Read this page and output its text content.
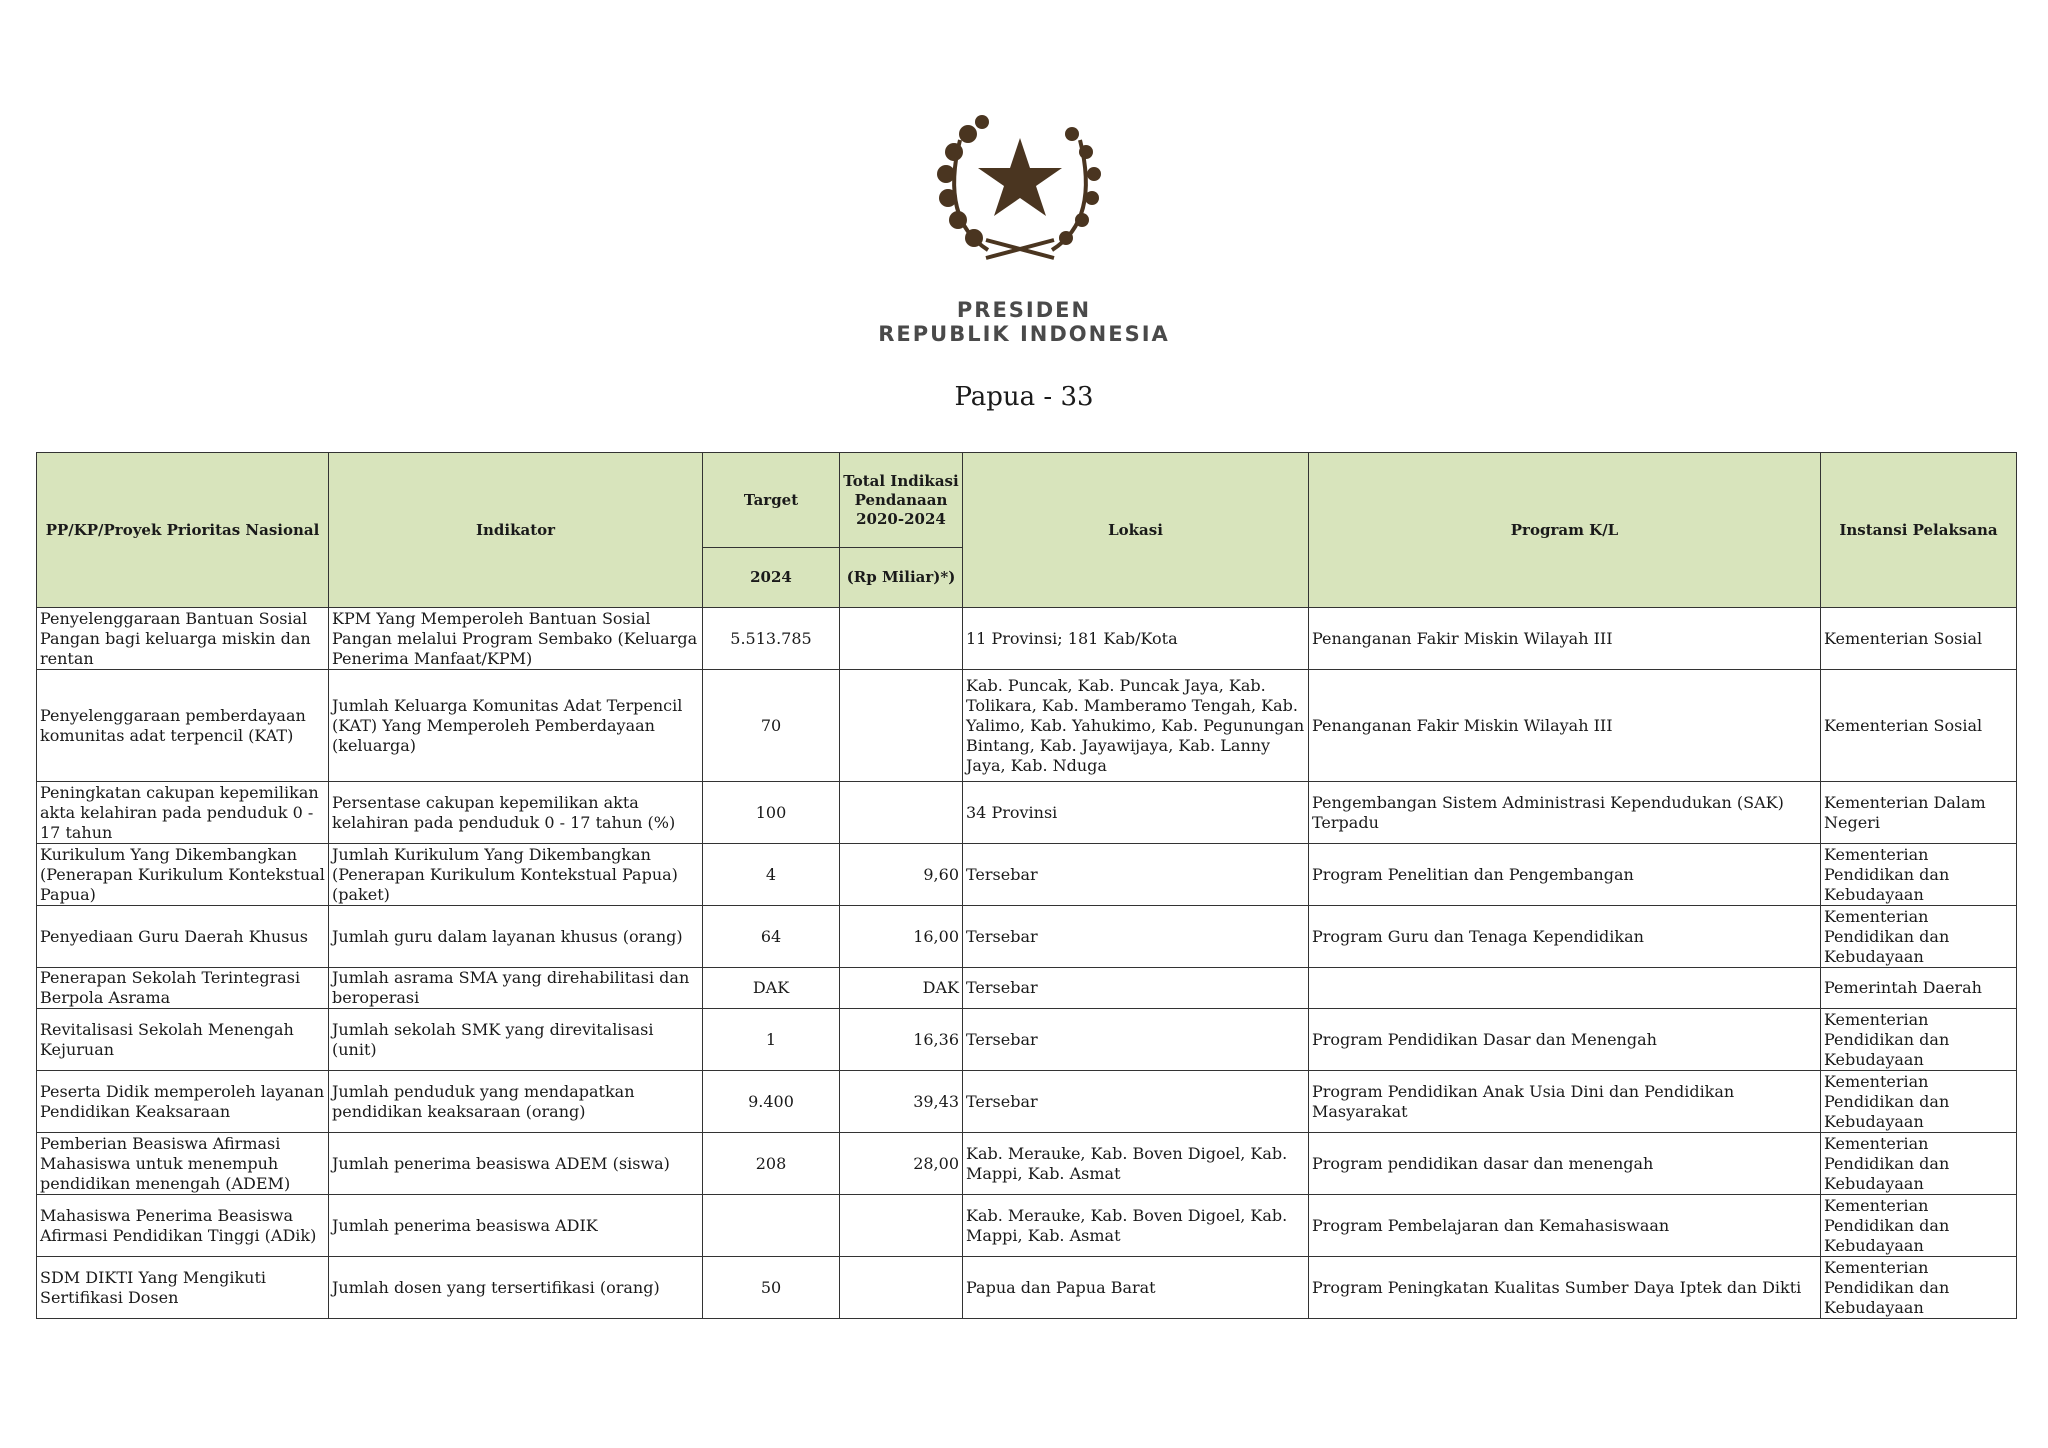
PRESIDEN
REPUBLIK INDONESIA
Papua - 33
PP/KP/Proyek Prioritas Nasional	Indikator	Target	Total Indikasi Pendanaan 2020-2024	Lokasi	Program K/L	Instansi Pelaksana
		2024	(Rp Miliar)*)			
Penyelenggaraan Bantuan Sosial Pangan bagi keluarga miskin dan rentan	KPM Yang Memperoleh Bantuan Sosial Pangan melalui Program Sembako (Keluarga Penerima Manfaat/KPM)	5.513.785		11 Provinsi; 181 Kab/Kota	Penanganan Fakir Miskin Wilayah III	Kementerian Sosial
Penyelenggaraan pemberdayaan komunitas adat terpencil (KAT)	Jumlah Keluarga Komunitas Adat Terpencil (KAT) Yang Memperoleh Pemberdayaan (keluarga)	70		Kab. Puncak, Kab. Puncak Jaya, Kab. Tolikara, Kab. Mamberamo Tengah, Kab. Yalimo, Kab. Yahukimo, Kab. Pegunungan Bintang, Kab. Jayawijaya, Kab. Lanny Jaya, Kab. Nduga	Penanganan Fakir Miskin Wilayah III	Kementerian Sosial
Peningkatan cakupan kepemilikan akta kelahiran pada penduduk 0 - 17 tahun	Persentase cakupan kepemilikan akta kelahiran pada penduduk 0 - 17 tahun (%)	100		34 Provinsi	Pengembangan Sistem Administrasi Kependudukan (SAK) Terpadu	Kementerian Dalam Negeri
Kurikulum Yang Dikembangkan (Penerapan Kurikulum Kontekstual Papua)	Jumlah Kurikulum Yang Dikembangkan (Penerapan Kurikulum Kontekstual Papua) (paket)	4	9,60	Tersebar	Program Penelitian dan Pengembangan	Kementerian Pendidikan dan Kebudayaan
Penyediaan Guru Daerah Khusus	Jumlah guru dalam layanan khusus (orang)	64	16,00	Tersebar	Program Guru dan Tenaga Kependidikan	Kementerian Pendidikan dan Kebudayaan
Penerapan Sekolah Terintegrasi Berpola Asrama	Jumlah asrama SMA yang direhabilitasi dan beroperasi	DAK	DAK	Tersebar		Pemerintah Daerah
Revitalisasi Sekolah Menengah Kejuruan	Jumlah sekolah SMK yang direvitalisasi (unit)	1	16,36	Tersebar	Program Pendidikan Dasar dan Menengah	Kementerian Pendidikan dan Kebudayaan
Peserta Didik memperoleh layanan Pendidikan Keaksaraan	Jumlah penduduk yang mendapatkan pendidikan keaksaraan (orang)	9.400	39,43	Tersebar	Program Pendidikan Anak Usia Dini dan Pendidikan Masyarakat	Kementerian Pendidikan dan Kebudayaan
Pemberian Beasiswa Afirmasi Mahasiswa untuk menempuh pendidikan menengah (ADEM)	Jumlah penerima beasiswa ADEM (siswa)	208	28,00	Kab. Merauke, Kab. Boven Digoel, Kab. Mappi, Kab. Asmat	Program pendidikan dasar dan menengah	Kementerian Pendidikan dan Kebudayaan
Mahasiswa Penerima Beasiswa Afirmasi Pendidikan Tinggi (ADik)	Jumlah penerima beasiswa ADIK			Kab. Merauke, Kab. Boven Digoel, Kab. Mappi, Kab. Asmat	Program Pembelajaran dan Kemahasiswaan	Kementerian Pendidikan dan Kebudayaan
SDM DIKTI Yang Mengikuti Sertifikasi Dosen	Jumlah dosen yang tersertifikasi (orang)	50		Papua dan Papua Barat	Program Peningkatan Kualitas Sumber Daya Iptek dan Dikti	Kementerian Pendidikan dan Kebudayaan
